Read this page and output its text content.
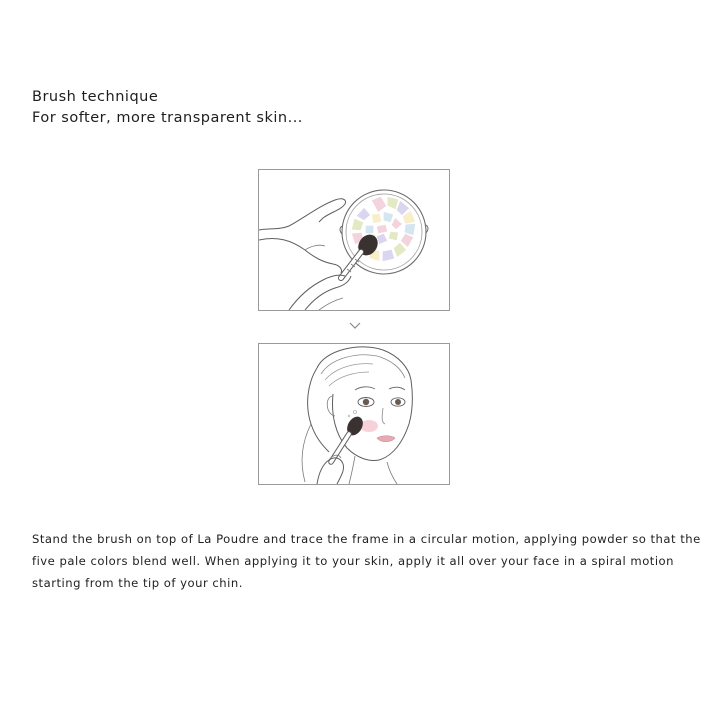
Brush technique
For softer, more transparent skin...
Stand the brush on top of La Poudre and trace the frame in a circular motion, applying powder so that the
five pale colors blend well. When applying it to your skin, apply it all over your face in a spiral motion
starting from the tip of your chin.
